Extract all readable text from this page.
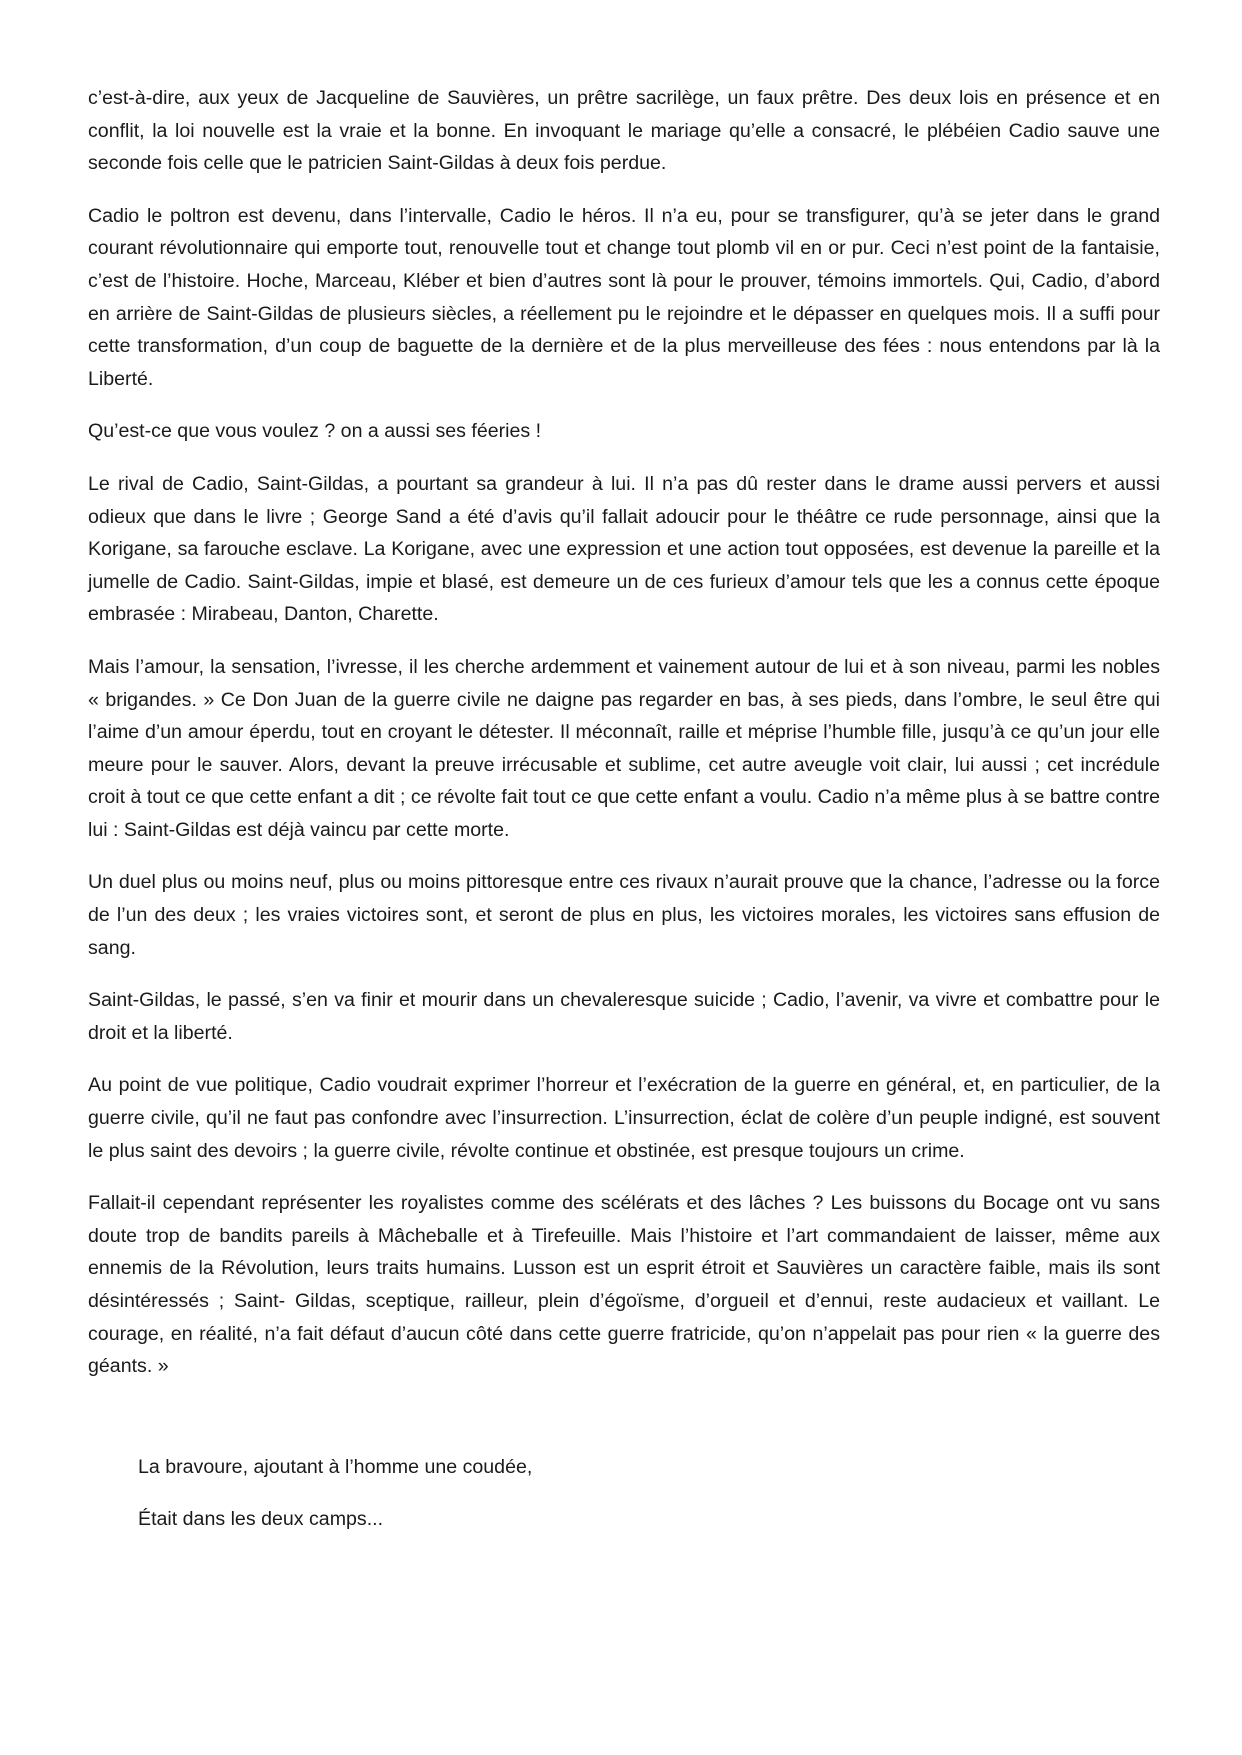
c’est-à-dire, aux yeux de Jacqueline de Sauvières, un prêtre sacrilège, un faux prêtre. Des deux lois en présence et en conflit, la loi nouvelle est la vraie et la bonne. En invoquant le mariage qu’elle a consacré, le plébéien Cadio sauve une seconde fois celle que le patricien Saint-Gildas à deux fois perdue.

Cadio le poltron est devenu, dans l’intervalle, Cadio le héros. Il n’a eu, pour se transfigurer, qu’à se jeter dans le grand courant révolutionnaire qui emporte tout, renouvelle tout et change tout plomb vil en or pur. Ceci n’est point de la fantaisie, c’est de l’histoire. Hoche, Marceau, Kléber et bien d’autres sont là pour le prouver, témoins immortels. Qui, Cadio, d’abord en arrière de Saint-Gildas de plusieurs siècles, a réellement pu le rejoindre et le dépasser en quelques mois. Il a suffi pour cette transformation, d’un coup de baguette de la dernière et de la plus merveilleuse des fées : nous entendons par là la Liberté.

Qu’est-ce que vous voulez ? on a aussi ses féeries !

Le rival de Cadio, Saint-Gildas, a pourtant sa grandeur à lui. Il n’a pas dû rester dans le drame aussi pervers et aussi odieux que dans le livre ; George Sand a été d’avis qu’il fallait adoucir pour le théâtre ce rude personnage, ainsi que la Korigane, sa farouche esclave. La Korigane, avec une expression et une action tout opposées, est devenue la pareille et la jumelle de Cadio. Saint-Gildas, impie et blasé, est demeure un de ces furieux d’amour tels que les a connus cette époque embrasée : Mirabeau, Danton, Charette.

Mais l’amour, la sensation, l’ivresse, il les cherche ardemment et vainement autour de lui et à son niveau, parmi les nobles « brigandes. » Ce Don Juan de la guerre civile ne daigne pas regarder en bas, à ses pieds, dans l’ombre, le seul être qui l’aime d’un amour éperdu, tout en croyant le détester. Il méconnaît, raille et méprise l’humble fille, jusqu’à ce qu’un jour elle meure pour le sauver. Alors, devant la preuve irrécusable et sublime, cet autre aveugle voit clair, lui aussi ; cet incrédule croit à tout ce que cette enfant a dit ; ce révolte fait tout ce que cette enfant a voulu. Cadio n’a même plus à se battre contre lui : Saint-Gildas est déjà vaincu par cette morte.

Un duel plus ou moins neuf, plus ou moins pittoresque entre ces rivaux n’aurait prouve que la chance, l’adresse ou la force de l’un des deux ; les vraies victoires sont, et seront de plus en plus, les victoires morales, les victoires sans effusion de sang.

Saint-Gildas, le passé, s’en va finir et mourir dans un chevaleresque suicide ; Cadio, l’avenir, va vivre et combattre pour le droit et la liberté.

Au point de vue politique, Cadio voudrait exprimer l’horreur et l’exécration de la guerre en général, et, en particulier, de la guerre civile, qu’il ne faut pas confondre avec l’insurrection. L’insurrection, éclat de colère d’un peuple indigné, est souvent le plus saint des devoirs ; la guerre civile, révolte continue et obstinée, est presque toujours un crime.

Fallait-il cependant représenter les royalistes comme des scélérats et des lâches ? Les buissons du Bocage ont vu sans doute trop de bandits pareils à Mâcheballe et à Tirefeuille. Mais l’histoire et l’art commandaient de laisser, même aux ennemis de la Révolution, leurs traits humains. Lusson est un esprit étroit et Sauvières un caractère faible, mais ils sont désintéressés ; Saint- Gildas, sceptique, railleur, plein d’égoïsme, d’orgueil et d’ennui, reste audacieux et vaillant. Le courage, en réalité, n’a fait défaut d’aucun côté dans cette guerre fratricide, qu’on n’appelait pas pour rien « la guerre des géants. »

La bravoure, ajoutant à l’homme une coudée,

Était dans les deux camps...
